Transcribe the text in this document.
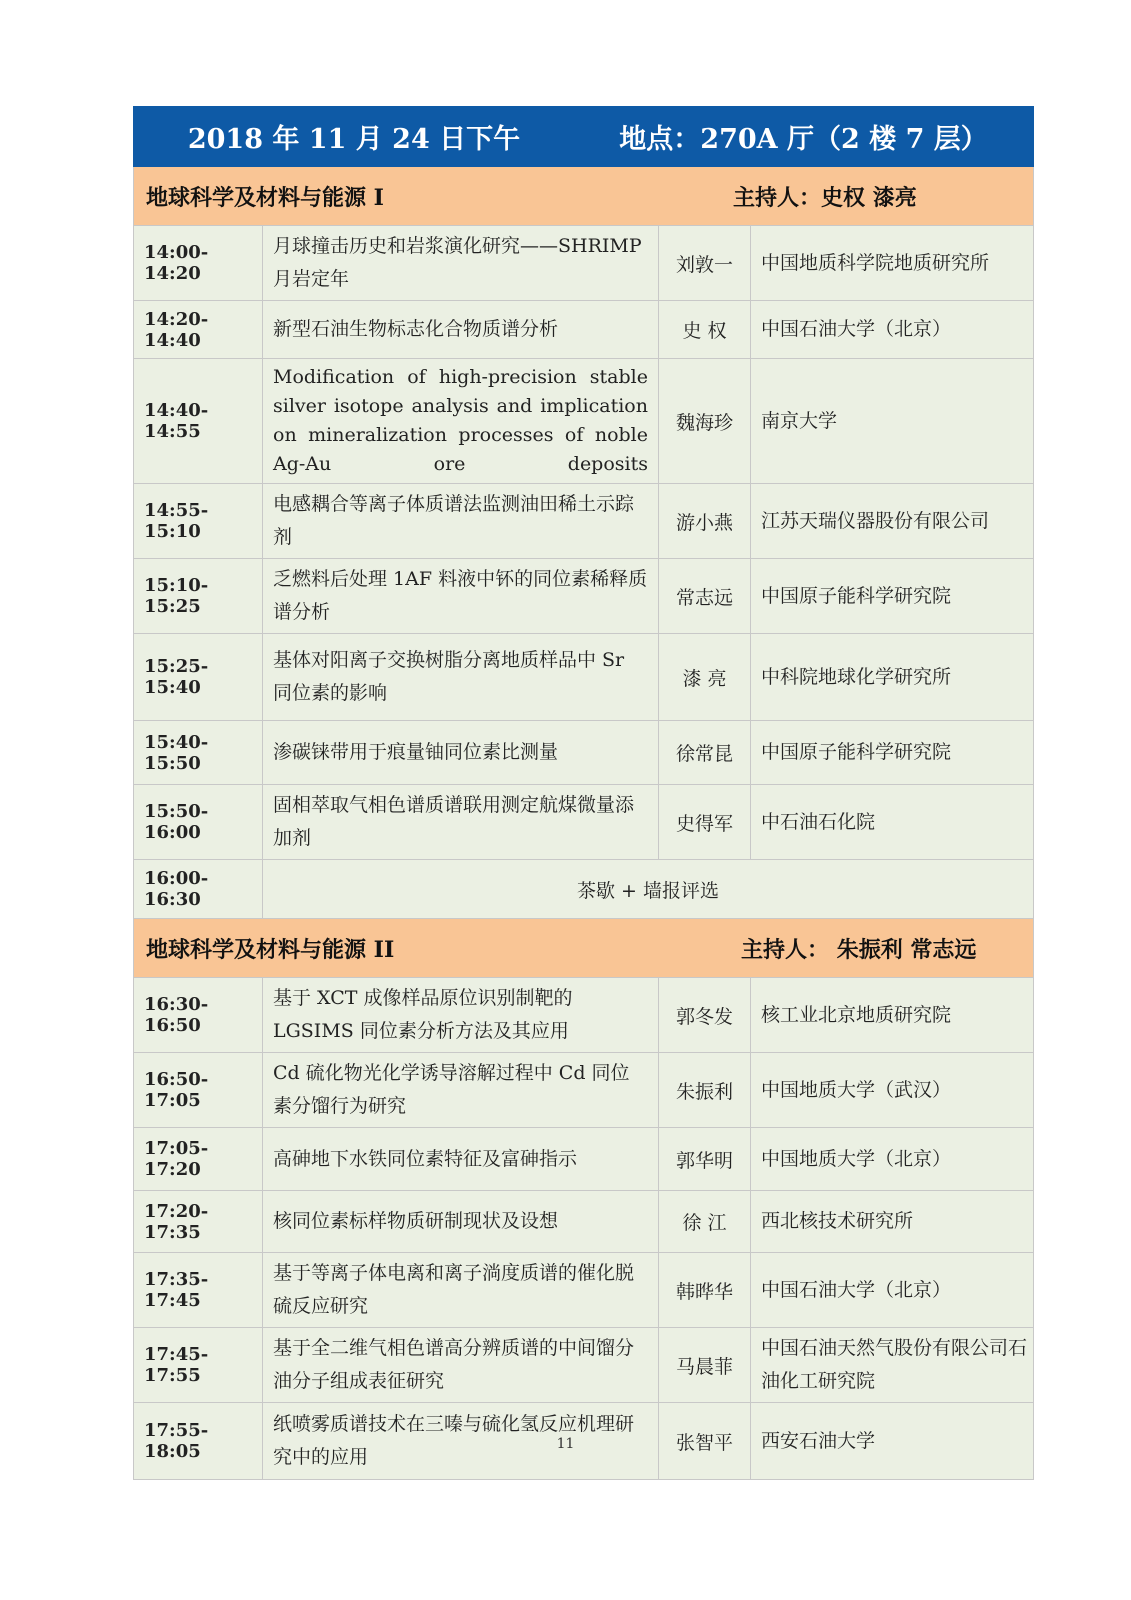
2018 年 11 月 24 日下午 地点：270A 厅（2 楼 7 层）			

地球科学及材料与能源 I 主持人：史权 漆亮			

14:00-14:20	月球撞击历史和岩浆演化研究——SHRIMP 月岩定年	刘敦一	中国地质科学院地质研究所
14:20-14:40	新型石油生物标志化合物质谱分析	史 权	中国石油大学（北京）
14:40-14:55	Modification of high-precision stable silver isotope analysis and implication on mineralization processes of noble Ag-Au ore deposits	魏海珍	南京大学
14:55-15:10	电感耦合等离子体质谱法监测油田稀土示踪剂	游小燕	江苏天瑞仪器股份有限公司
15:10-15:25	乏燃料后处理 1AF 料液中钚的同位素稀释质谱分析	常志远	中国原子能科学研究院
15:25-15:40	基体对阳离子交换树脂分离地质样品中 Sr 同位素的影响	漆 亮	中科院地球化学研究所
15:40-15:50	渗碳铼带用于痕量铀同位素比测量	徐常昆	中国原子能科学研究院
15:50-16:00	固相萃取气相色谱质谱联用测定航煤微量添加剂	史得军	中石油石化院
16:00-16:30	茶歇 + 墙报评选		

地球科学及材料与能源 II 主持人： 朱振利 常志远			

16:30-16:50	基于 XCT 成像样品原位识别制靶的 LGSIMS 同位素分析方法及其应用	郭冬发	核工业北京地质研究院
16:50-17:05	Cd 硫化物光化学诱导溶解过程中 Cd 同位素分馏行为研究	朱振利	中国地质大学（武汉）
17:05-17:20	高砷地下水铁同位素特征及富砷指示	郭华明	中国地质大学（北京）
17:20-17:35	核同位素标样物质研制现状及设想	徐 江	西北核技术研究所
17:35-17:45	基于等离子体电离和离子淌度质谱的催化脱硫反应研究	韩晔华	中国石油大学（北京）
17:45-17:55	基于全二维气相色谱高分辨质谱的中间馏分油分子组成表征研究	马晨菲	中国石油天然气股份有限公司石油化工研究院
17:55-18:05	纸喷雾质谱技术在三嗪与硫化氢反应机理研究中的应用	张智平	西安石油大学
11
